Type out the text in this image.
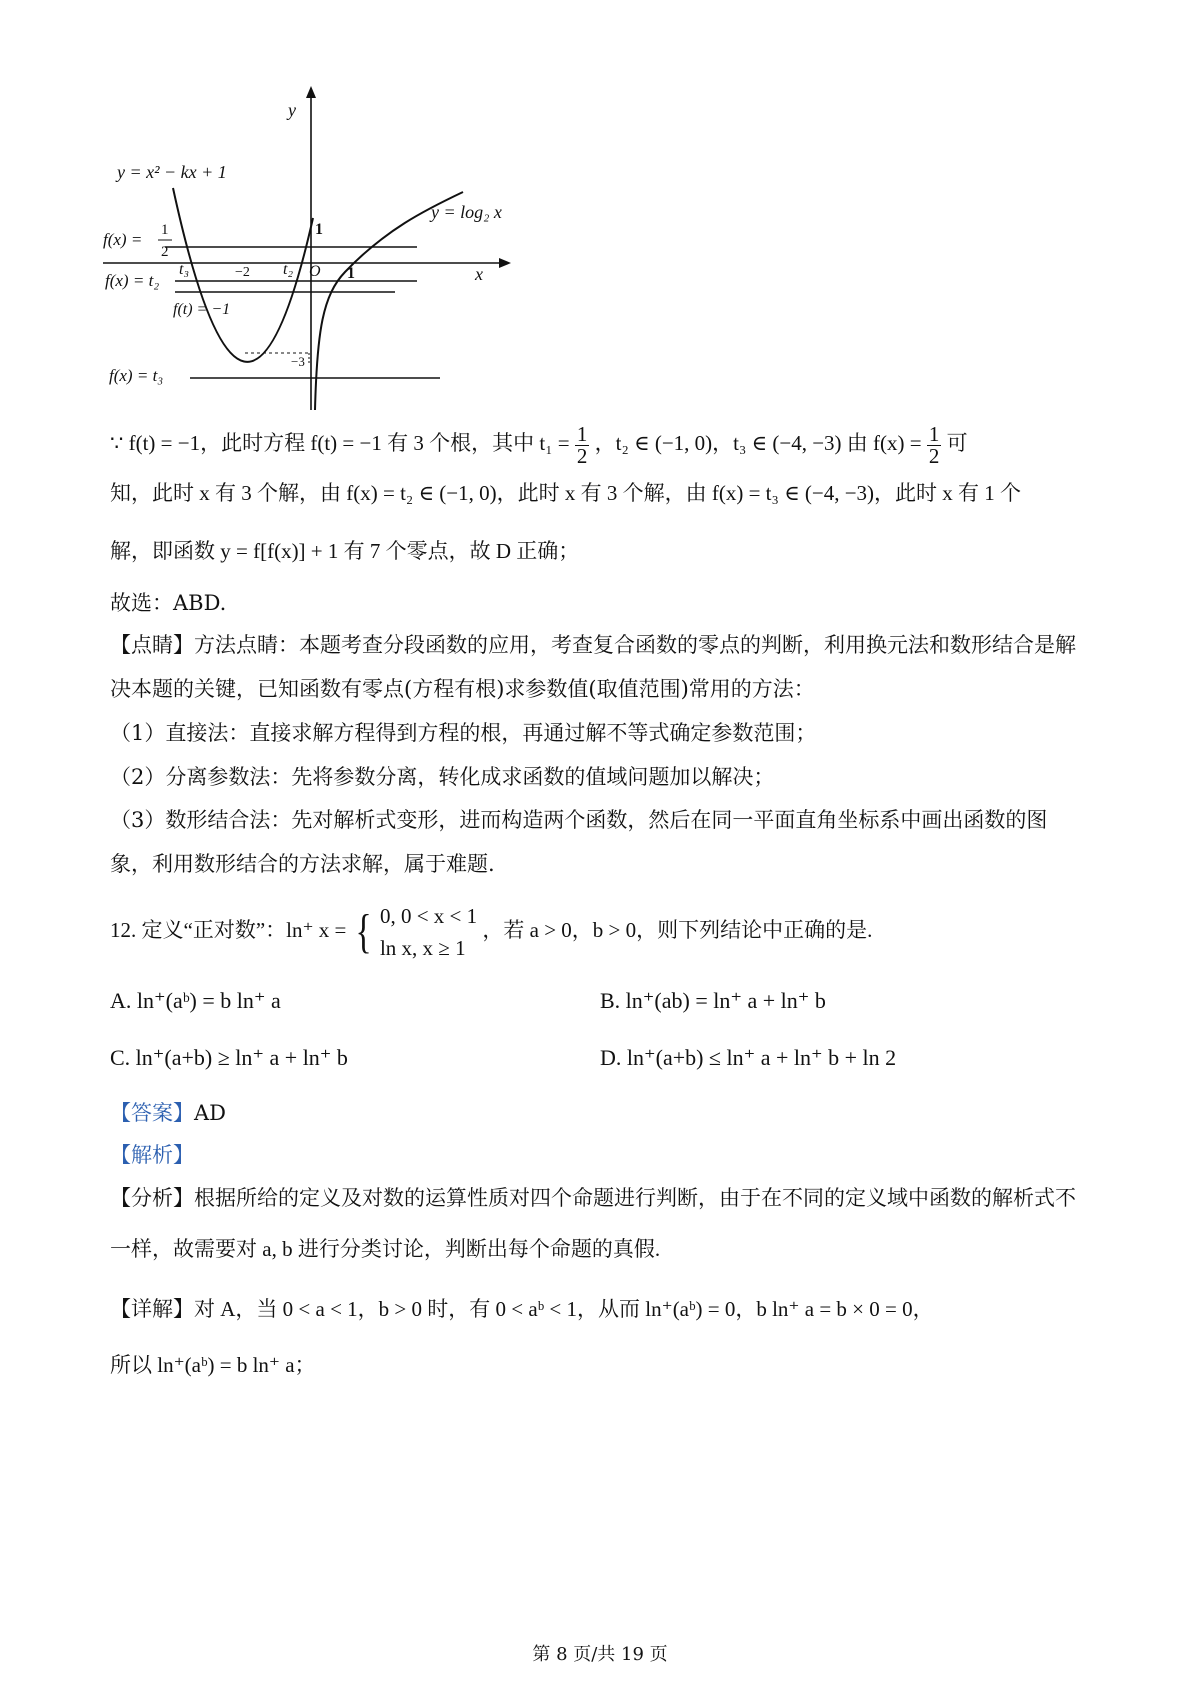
y
x
y = x² − kx + 1
y = log₂ x
f(x) = 1
2
f(x) = t₂
f(t) = −1
f(x) = t₃
t₃	−2 t₂ O 1
1
−3
∵ f(t) = −1，此时方程 f(t) = −1 有 3 个根，其中 $t_1 = \frac{1}{2}$ ，t₂ ∈ (−1, 0)，t₃ ∈ (−4, −3) 由 $f(x) = \frac{1}{2}$ 可
知，此时 x 有 3 个解，由 f(x) = t₂ ∈ (−1, 0)，此时 x 有 3 个解，由 f(x) = t₃ ∈ (−4, −3)，此时 x 有 1 个
解，即函数 y = f[f(x)] + 1 有 7 个零点，故 D 正确；
故选：ABD.
【点睛】方法点睛：本题考查分段函数的应用，考查复合函数的零点的判断，利用换元法和数形结合是解
决本题的关键，已知函数有零点(方程有根)求参数值(取值范围)常用的方法：
（1）直接法：直接求解方程得到方程的根，再通过解不等式确定参数范围；
（2）分离参数法：先将参数分离，转化成求函数的值域问题加以解决；
（3）数形结合法：先对解析式变形，进而构造两个函数，然后在同一平面直角坐标系中画出函数的图
象，利用数形结合的方法求解，属于难题.
12. 定义“正对数”：ln⁺ x = { 0, 0 < x < 1
ln x, x ≥ 1
，若 a > 0，b > 0，则下列结论中正确的是.
A. ln⁺(aᵇ) = b ln⁺ a	B. ln⁺(ab) = ln⁺ a + ln⁺ b
C. ln⁺(a+b) ≥ ln⁺ a + ln⁺ b	D. ln⁺(a+b) ≤ ln⁺ a + ln⁺ b + ln 2
【答案】AD
【解析】
【分析】根据所给的定义及对数的运算性质对四个命题进行判断，由于在不同的定义域中函数的解析式不
一样，故需要对 a, b 进行分类讨论，判断出每个命题的真假.
【详解】对 A，当 0 < a < 1，b > 0 时，有 0 < aᵇ < 1，从而 ln⁺(aᵇ) = 0，b ln⁺ a = b × 0 = 0，
所以 ln⁺(aᵇ) = b ln⁺ a；
第 8 页/共 19 页
